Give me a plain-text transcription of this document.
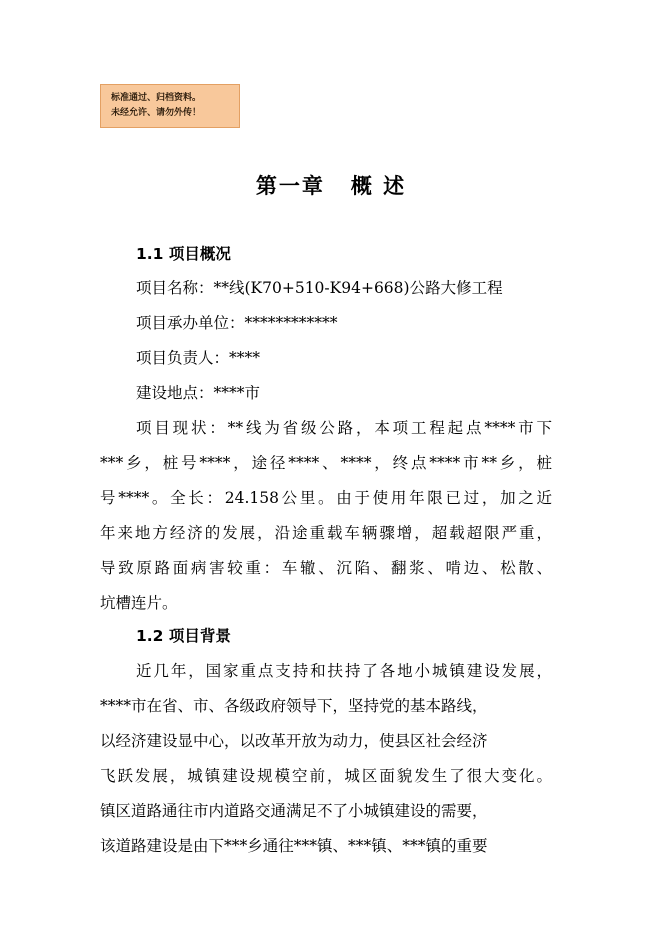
标准通过、归档资料。
未经允许、请勿外传！
第一章 概 述
1.1 项目概况
项目名称：**线(K70+510-K94+668)公路大修工程
项目承办单位：************
项目负责人：****
建设地点：****市
项目现状：**线为省级公路，本项工程起点****市下
***乡，桩号****，途径****、****，终点****市**乡，桩
号****。全长：24.158公里。由于使用年限已过，加之近
年来地方经济的发展，沿途重载车辆骤增，超载超限严重，
导致原路面病害较重：车辙、沉陷、翻浆、啃边、松散、
坑槽连片。
1.2 项目背景
近几年，国家重点支持和扶持了各地小城镇建设发展，
****市在省、市、各级政府领导下，坚持党的基本路线，
以经济建设显中心，以改革开放为动力，使县区社会经济
飞跃发展，城镇建设规模空前，城区面貌发生了很大变化。
镇区道路通往市内道路交通满足不了小城镇建设的需要，
该道路建设是由下***乡通往***镇、***镇、***镇的重要
